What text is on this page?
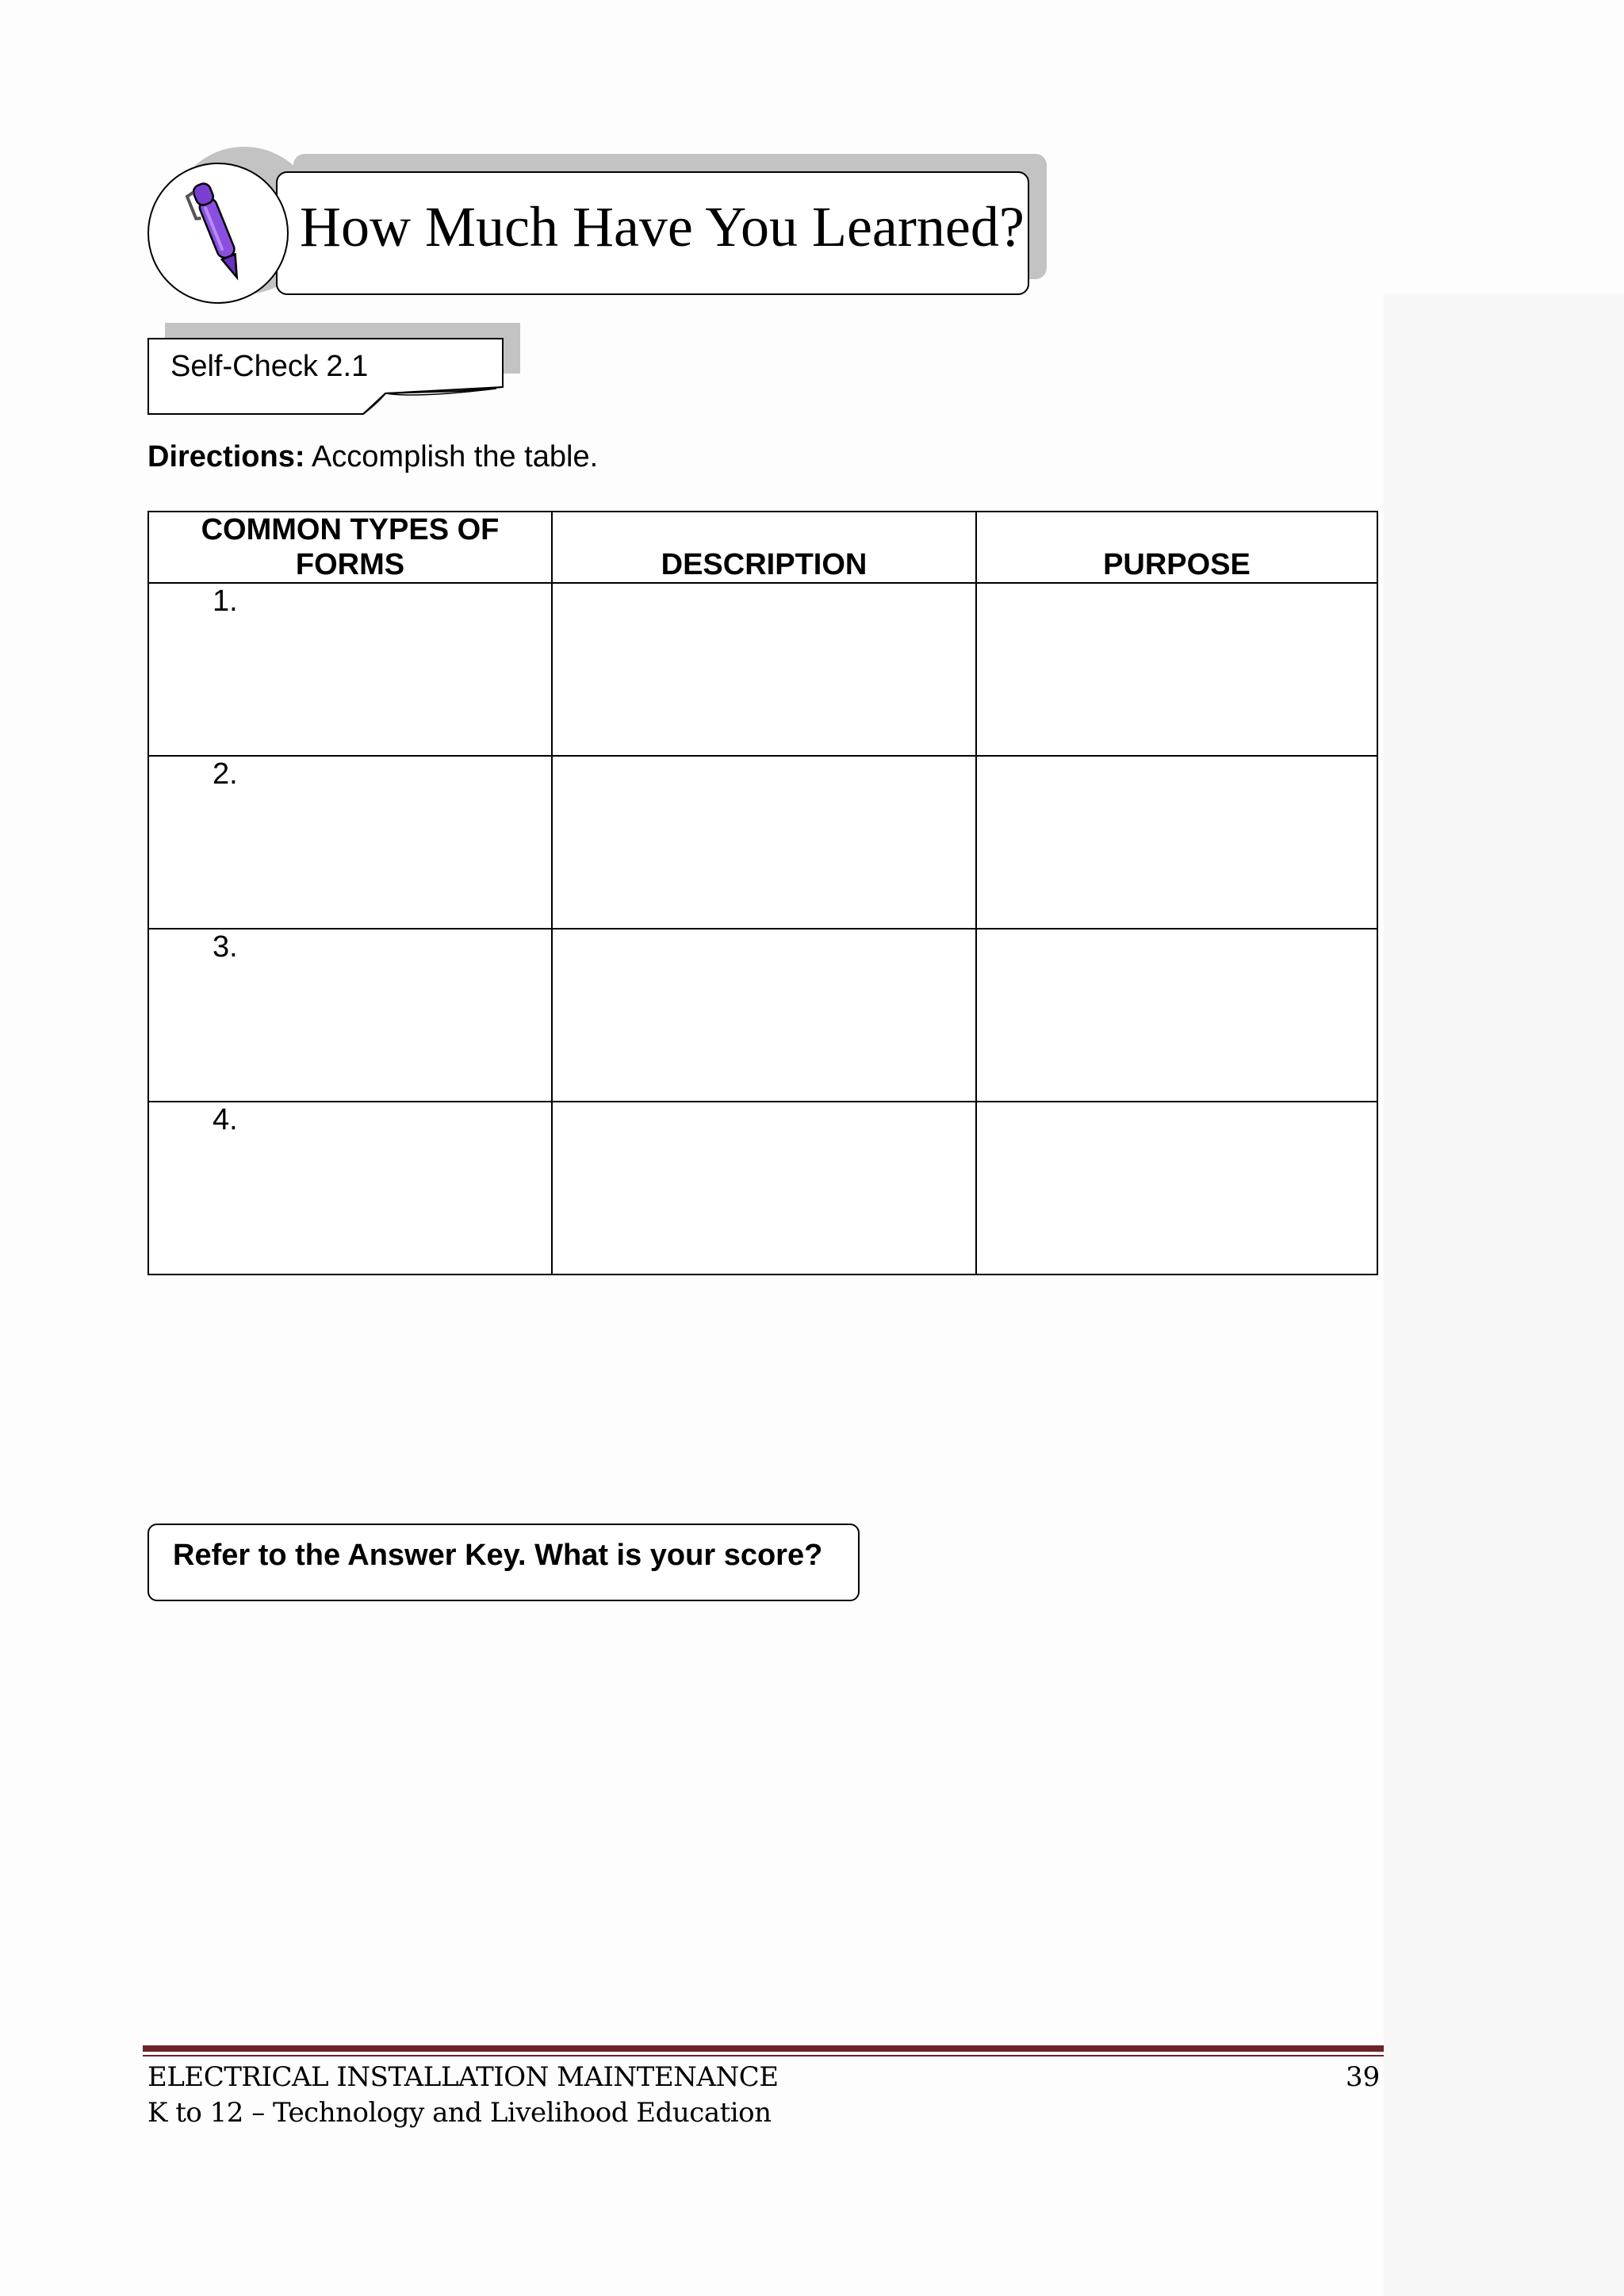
How Much Have You Learned?
Self-Check 2.1
Directions: Accomplish the table.
COMMON TYPES OF FORMS	DESCRIPTION	PURPOSE

1.		

2.		

3.		

4.		

Refer to the Answer Key. What is your score?
ELECTRICAL INSTALLATION MAINTENANCE
K to 12 – Technology and Livelihood Education
39
